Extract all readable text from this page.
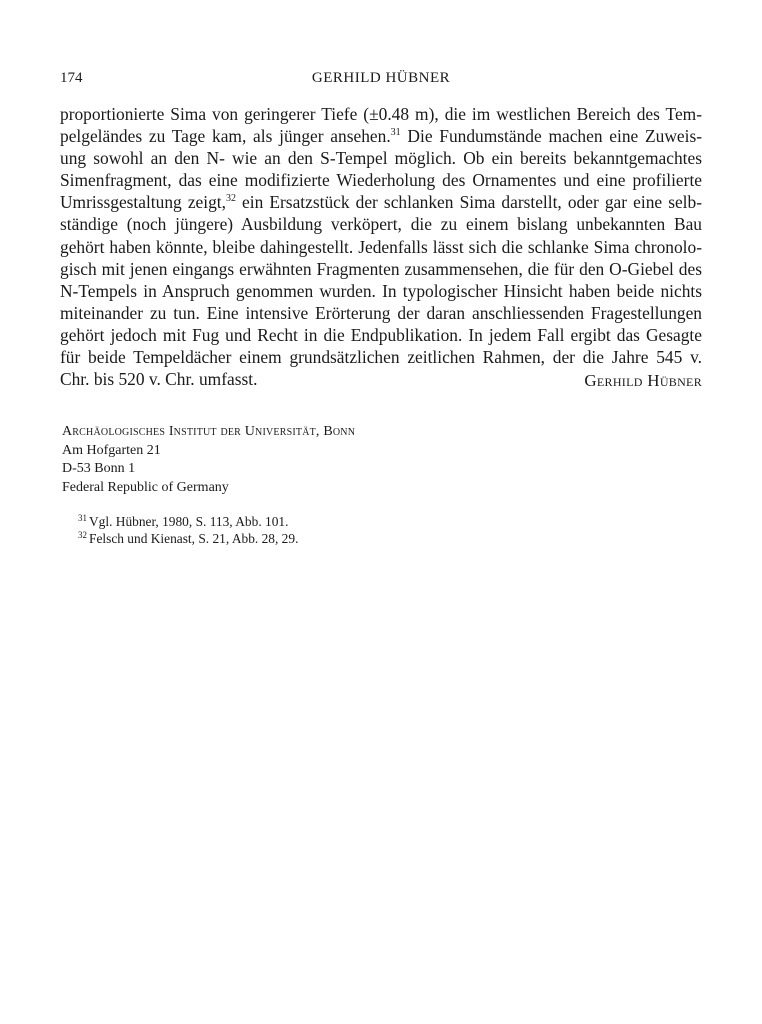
174	GERHILD HÜBNER
proportionierte Sima von geringerer Tiefe (±0.48 m), die im westlichen Bereich des Tem-
pelgeländes zu Tage kam, als jünger ansehen.$^{31}$ Die Fundumstände machen eine Zuweis-
ung sowohl an den N- wie an den S-Tempel möglich. Ob ein bereits bekanntgemachtes
Simenfragment, das eine modifizierte Wiederholung des Ornamentes und eine profilierte
Umrissgestaltung zeigt,$^{32}$ ein Ersatzstück der schlanken Sima darstellt, oder gar eine selb-
ständige (noch jüngere) Ausbildung verköpert, die zu einem bislang unbekannten Bau
gehört haben könnte, bleibe dahingestellt. Jedenfalls lässt sich die schlanke Sima chronolo-
gisch mit jenen eingangs erwähnten Fragmenten zusammensehen, die für den O-Giebel des
N-Tempels in Anspruch genommen wurden. In typologischer Hinsicht haben beide nichts
miteinander zu tun. Eine intensive Erörterung der daran anschliessenden Fragestellungen
gehört jedoch mit Fug und Recht in die Endpublikation. In jedem Fall ergibt das Gesagte
für beide Tempeldächer einem grundsätzlichen zeitlichen Rahmen, der die Jahre 545 v.
Chr. bis 520 v. Chr. umfasst.	Gerhild Hübner
Archäologisches Institut der Universität, Bonn
Am Hofgarten 21
D-53 Bonn 1
Federal Republic of Germany
$^{31}$ Vgl. Hübner, 1980, S. 113, Abb. 101.
$^{32}$ Felsch und Kienast, S. 21, Abb. 28, 29.
